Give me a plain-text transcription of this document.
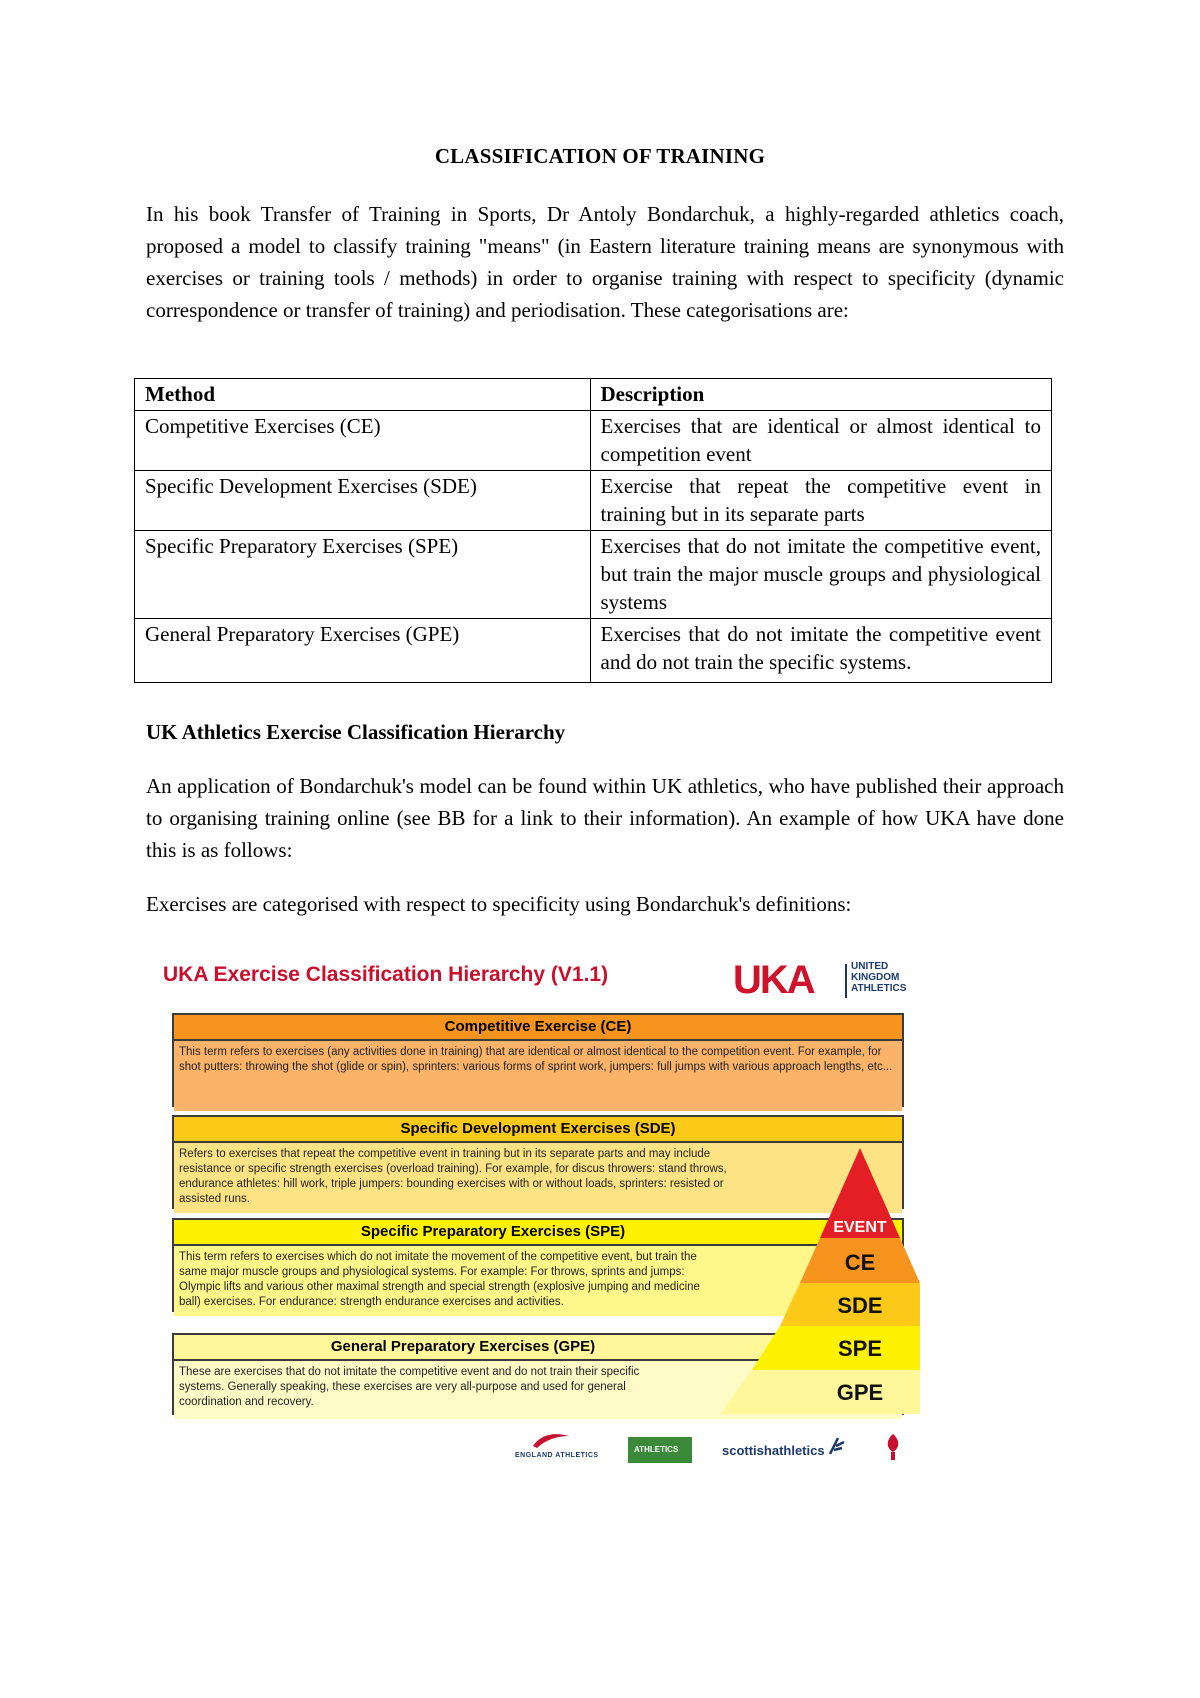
CLASSIFICATION OF TRAINING

In his book Transfer of Training in Sports, Dr Antoly Bondarchuk, a highly-regarded athletics coach, proposed a model to classify training "means" (in Eastern literature training means are synonymous with exercises or training tools / methods) in order to organise training with respect to specificity (dynamic correspondence or transfer of training) and periodisation. These categorisations are:

Method	Description
Competitive Exercises (CE)	Exercises that are identical or almost identical to competition event
Specific Development Exercises (SDE)	Exercise that repeat the competitive event in training but in its separate parts
Specific Preparatory Exercises (SPE)	Exercises that do not imitate the competitive event, but train the major muscle groups and physiological systems
General Preparatory Exercises (GPE)	Exercises that do not imitate the competitive event and do not train the specific systems.
UK Athletics Exercise Classification Hierarchy

An application of Bondarchuk's model can be found within UK athletics, who have published their approach to organising training online (see BB for a link to their information). An example of how UKA have done this is as follows:

Exercises are categorised with respect to specificity using Bondarchuk's definitions:

UKA Exercise Classification Hierarchy (V1.1)	UKA	UNITED
KINGDOM
ATHLETICS
Competitive Exercise (CE)
This term refers to exercises (any activities done in training) that are identical or almost identical to the competition event. For example, for shot putters: throwing the shot (glide or spin), sprinters: various forms of sprint work, jumpers: full jumps with various approach lengths, etc...
Specific Development Exercises (SDE)
Refers to exercises that repeat the competitive event in training but in its separate parts and may include resistance or specific strength exercises (overload training). For example, for discus throwers: stand throws, endurance athletes: hill work, triple jumpers: bounding exercises with or without loads, sprinters: resisted or assisted runs.
Specific Preparatory Exercises (SPE)
This term refers to exercises which do not imitate the movement of the competitive event, but train the same major muscle groups and physiological systems. For example: For throws, sprints and jumps: Olympic lifts and various other maximal strength and special strength (explosive jumping and medicine ball) exercises. For endurance: strength endurance exercises and activities.
General Preparatory Exercises (GPE)
These are exercises that do not imitate the competitive event and do not train their specific systems. Generally speaking, these exercises are very all-purpose and used for general coordination and recovery.
EVENT
CE
SDE
SPE
GPE
ENGLAND ATHLETICS
ATHLETICS	scottishathletics
